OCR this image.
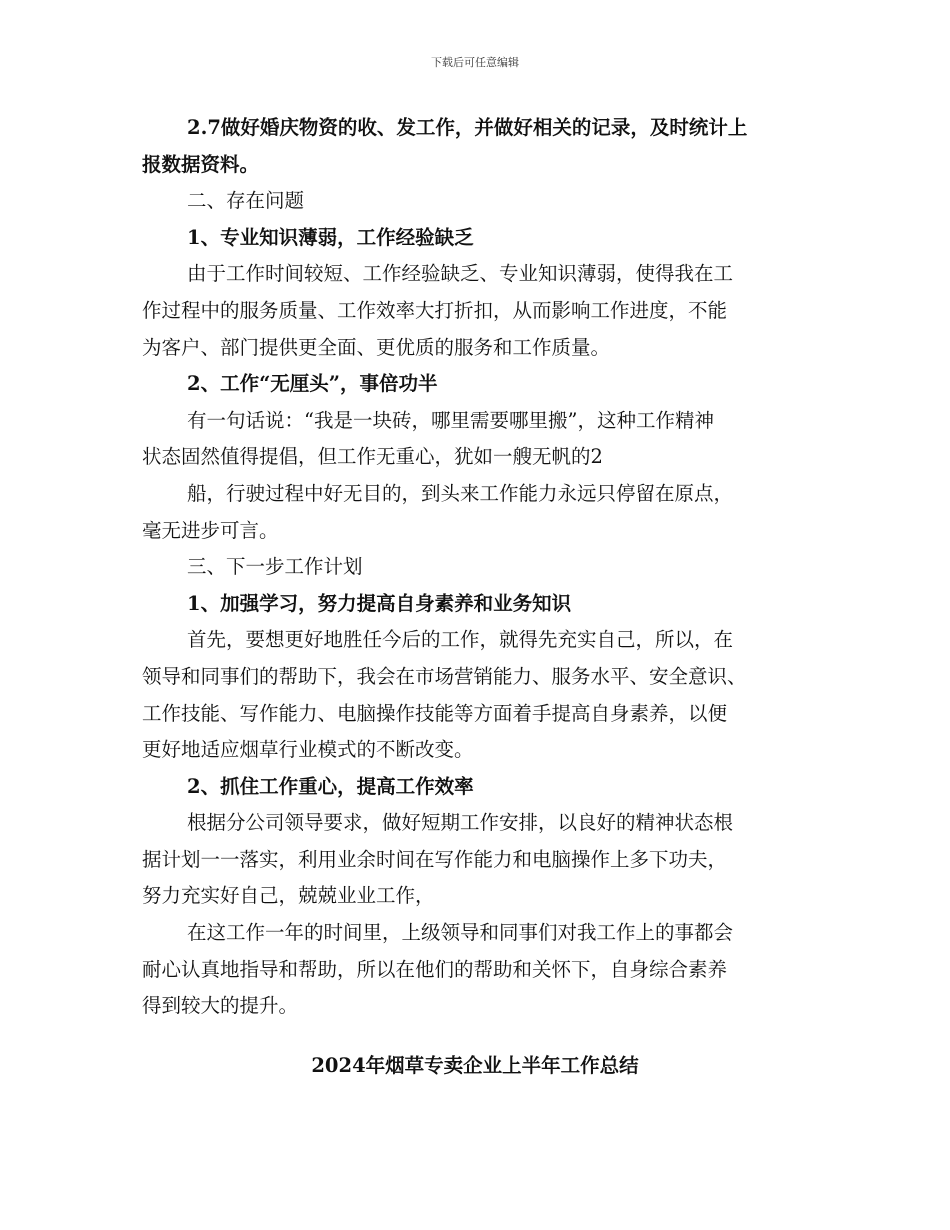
下载后可任意编辑

2.7做好婚庆物资的收、发工作，并做好相关的记录，及时统计上

报数据资料。

二、存在问题

1、专业知识薄弱，工作经验缺乏

由于工作时间较短、工作经验缺乏、专业知识薄弱，使得我在工

作过程中的服务质量、工作效率大打折扣，从而影响工作进度，不能

为客户、部门提供更全面、更优质的服务和工作质量。

2、工作“无厘头”，事倍功半

有一句话说：“我是一块砖，哪里需要哪里搬”，这种工作精神

状态固然值得提倡，但工作无重心，犹如一艘无帆的2

船，行驶过程中好无目的，到头来工作能力永远只停留在原点，

毫无进步可言。

三、下一步工作计划

1、加强学习，努力提高自身素养和业务知识

首先，要想更好地胜任今后的工作，就得先充实自己，所以，在

领导和同事们的帮助下，我会在市场营销能力、服务水平、安全意识、

工作技能、写作能力、电脑操作技能等方面着手提高自身素养，以便

更好地适应烟草行业模式的不断改变。

2、抓住工作重心，提高工作效率

根据分公司领导要求，做好短期工作安排，以良好的精神状态根

据计划一一落实，利用业余时间在写作能力和电脑操作上多下功夫，

努力充实好自己，兢兢业业工作，

在这工作一年的时间里，上级领导和同事们对我工作上的事都会

耐心认真地指导和帮助，所以在他们的帮助和关怀下，自身综合素养

得到较大的提升。

2024年烟草专卖企业上半年工作总结
